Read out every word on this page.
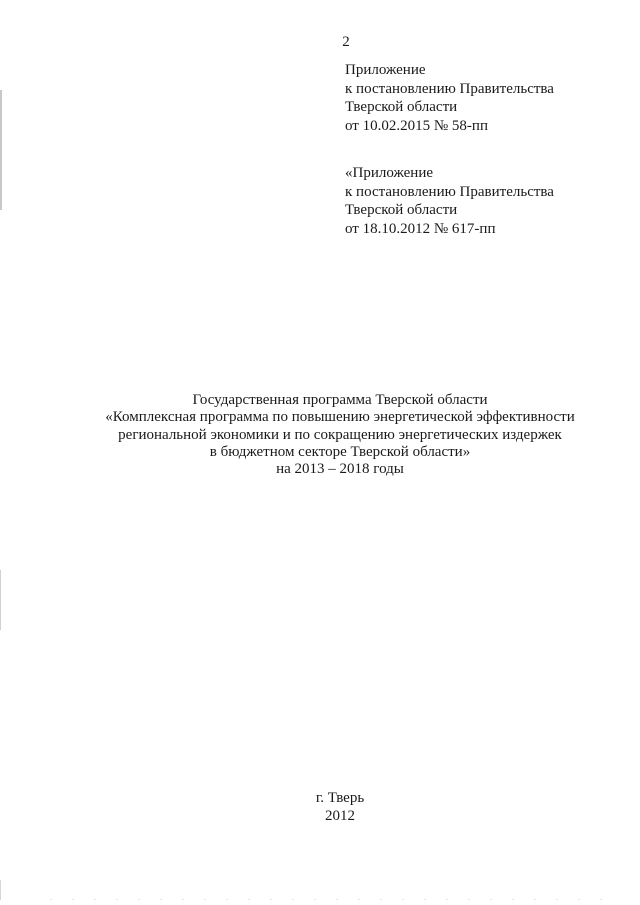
2
Приложение
к постановлению Правительства
Тверской области
от 10.02.2015 № 58-пп
«Приложение
к постановлению Правительства
Тверской области
от 18.10.2012 № 617-пп
Государственная программа Тверской области
«Комплексная программа по повышению энергетической эффективности
региональной экономики и по сокращению энергетических издержек
в бюджетном секторе Тверской области»
на 2013 – 2018 годы
г. Тверь
2012
